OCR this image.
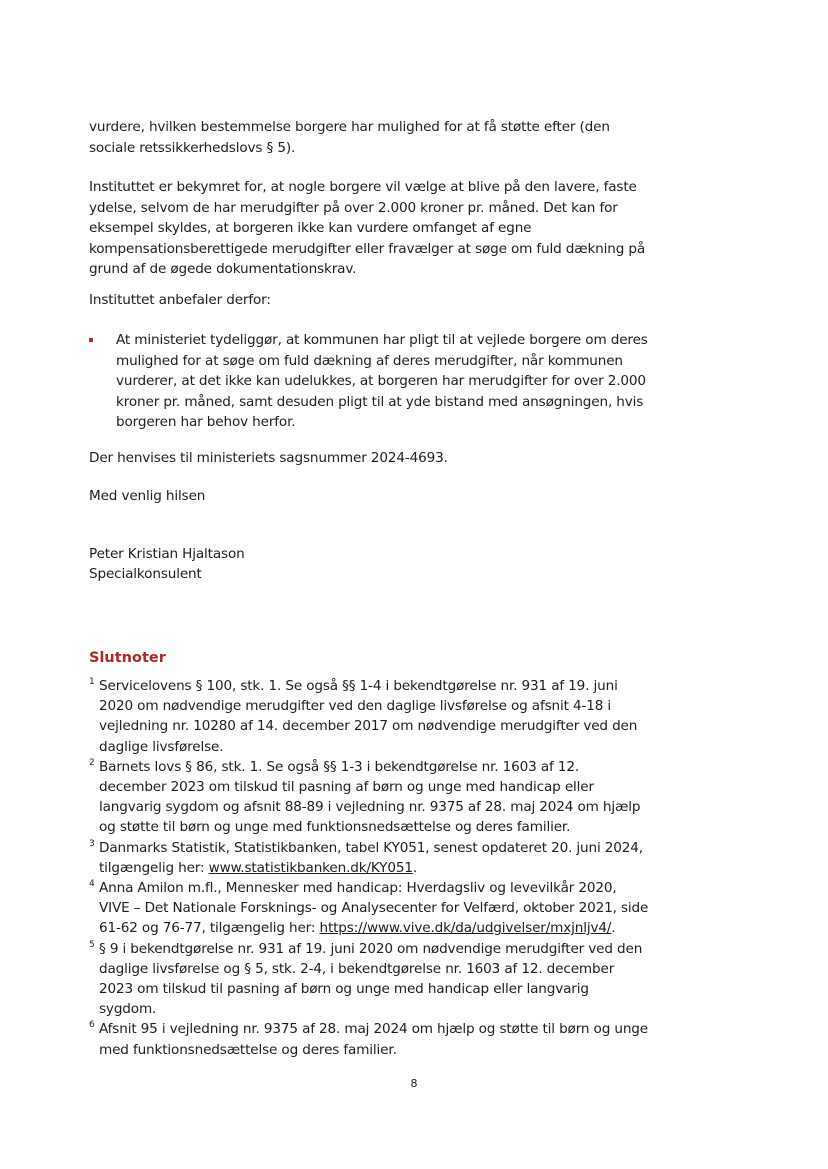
vurdere, hvilken bestemmelse borgere har mulighed for at få støtte efter (den sociale retssikkerhedslovs § 5).

Instituttet er bekymret for, at nogle borgere vil vælge at blive på den lavere, faste ydelse, selvom de har merudgifter på over 2.000 kroner pr. måned. Det kan for eksempel skyldes, at borgeren ikke kan vurdere omfanget af egne kompensationsberettigede merudgifter eller fravælger at søge om fuld dækning på grund af de øgede dokumentationskrav.

Instituttet anbefaler derfor:

At ministeriet tydeliggør, at kommunen har pligt til at vejlede borgere om deres mulighed for at søge om fuld dækning af deres merudgifter, når kommunen vurderer, at det ikke kan udelukkes, at borgeren har merudgifter for over 2.000 kroner pr. måned, samt desuden pligt til at yde bistand med ansøgningen, hvis borgeren har behov herfor.

Der henvises til ministeriets sagsnummer 2024-4693.

Med venlig hilsen

Peter Kristian Hjaltason

Specialkonsulent

Slutnoter
1 Servicelovens § 100, stk. 1. Se også §§ 1-4 i bekendtgørelse nr. 931 af 19. juni 2020 om nødvendige merudgifter ved den daglige livsførelse og afsnit 4-18 i vejledning nr. 10280 af 14. december 2017 om nødvendige merudgifter ved den daglige livsførelse.
2 Barnets lovs § 86, stk. 1. Se også §§ 1-3 i bekendtgørelse nr. 1603 af 12. december 2023 om tilskud til pasning af børn og unge med handicap eller langvarig sygdom og afsnit 88-89 i vejledning nr. 9375 af 28. maj 2024 om hjælp og støtte til børn og unge med funktionsnedsættelse og deres familier.
3 Danmarks Statistik, Statistikbanken, tabel KY051, senest opdateret 20. juni 2024, tilgængelig her: www.statistikbanken.dk/KY051.
4 Anna Amilon m.fl., Mennesker med handicap: Hverdagsliv og levevilkår 2020, VIVE – Det Nationale Forsknings- og Analysecenter for Velfærd, oktober 2021, side 61-62 og 76-77, tilgængelig her: https://www.vive.dk/da/udgivelser/mxjnljv4/.
5 § 9 i bekendtgørelse nr. 931 af 19. juni 2020 om nødvendige merudgifter ved den daglige livsførelse og § 5, stk. 2-4, i bekendtgørelse nr. 1603 af 12. december 2023 om tilskud til pasning af børn og unge med handicap eller langvarig sygdom.
6 Afsnit 95 i vejledning nr. 9375 af 28. maj 2024 om hjælp og støtte til børn og unge med funktionsnedsættelse og deres familier.
8
